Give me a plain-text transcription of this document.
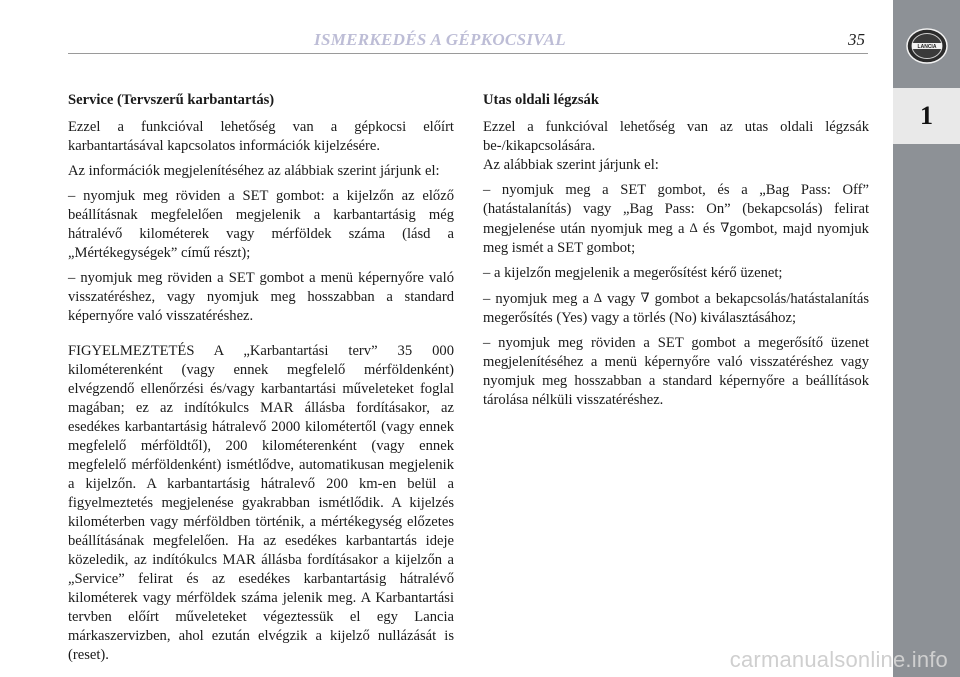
ISMERKEDÉS A GÉPKOCSIVAL	35	LANCIA
1

Service (Tervszerű karbantartás)

Ezzel a funkcióval lehetőség van a gépkocsi előírt karbantartásával kapcsolatos információk kijelzésére.

Az információk megjelenítéséhez az alábbiak szerint járjunk el:

– nyomjuk meg röviden a SET gombot: a kijelzőn az előző beállításnak megfelelően megjelenik a karbantartásig még hátralévő kilométerek vagy mérföldek száma (lásd a „Mértékegységek” című részt);

– nyomjuk meg röviden a SET gombot a menü képernyőre való visszatéréshez, vagy nyomjuk meg hosszabban a standard képernyőre való visszatéréshez.

FIGYELMEZTETÉS A „Karbantartási terv” 35 000 kilométerenként (vagy ennek megfelelő mérföldenként) elvégzendő ellenőrzési és/vagy karbantartási műveleteket foglal magában; ez az indítókulcs MAR állásba fordításakor, az esedékes karbantartásig hátralevő 2000 kilométertől (vagy ennek megfelelő mérföldtől), 200 kilométerenként (vagy ennek megfelelő mérföldenként) ismétlődve, automatikusan megjelenik a kijelzőn. A karbantartásig hátralevő 200 km-en belül a figyelmeztetés megjelenése gyakrabban ismétlődik. A kijelzés kilométerben vagy mérföldben történik, a mértékegység előzetes beállításának megfelelően. Ha az esedékes karbantartás ideje közeledik, az indítókulcs MAR állásba fordításakor a kijelzőn a „Service” felirat és az esedékes karbantartásig hátralévő kilométerek vagy mérföldek száma jelenik meg. A Karbantartási tervben előírt műveleteket végeztessük el egy Lancia márkaszervizben, ahol ezután elvégzik a kijelző nullázását is (reset).

Utas oldali légzsák

Ezzel a funkcióval lehetőség van az utas oldali légzsák be-/kikapcsolására.

Az alábbiak szerint járjunk el:

– nyomjuk meg a SET gombot, és a „Bag Pass: Off” (hatástalanítás) vagy „Bag Pass: On” (bekapcsolás) felirat megjelenése után nyomjuk meg a ∆ és ∇gombot, majd nyomjuk meg ismét a SET gombot;

– a kijelzőn megjelenik a megerősítést kérő üzenet;

– nyomjuk meg a ∆ vagy ∇ gombot a bekapcsolás/hatástalanítás megerősítés (Yes) vagy a törlés (No) kiválasztásához;

– nyomjuk meg röviden a SET gombot a megerősítő üzenet megjelenítéséhez a menü képernyőre való visszatéréshez vagy nyomjuk meg hosszabban a standard képernyőre a beállítások tárolása nélküli visszatéréshez.

carmanualsonline.info
